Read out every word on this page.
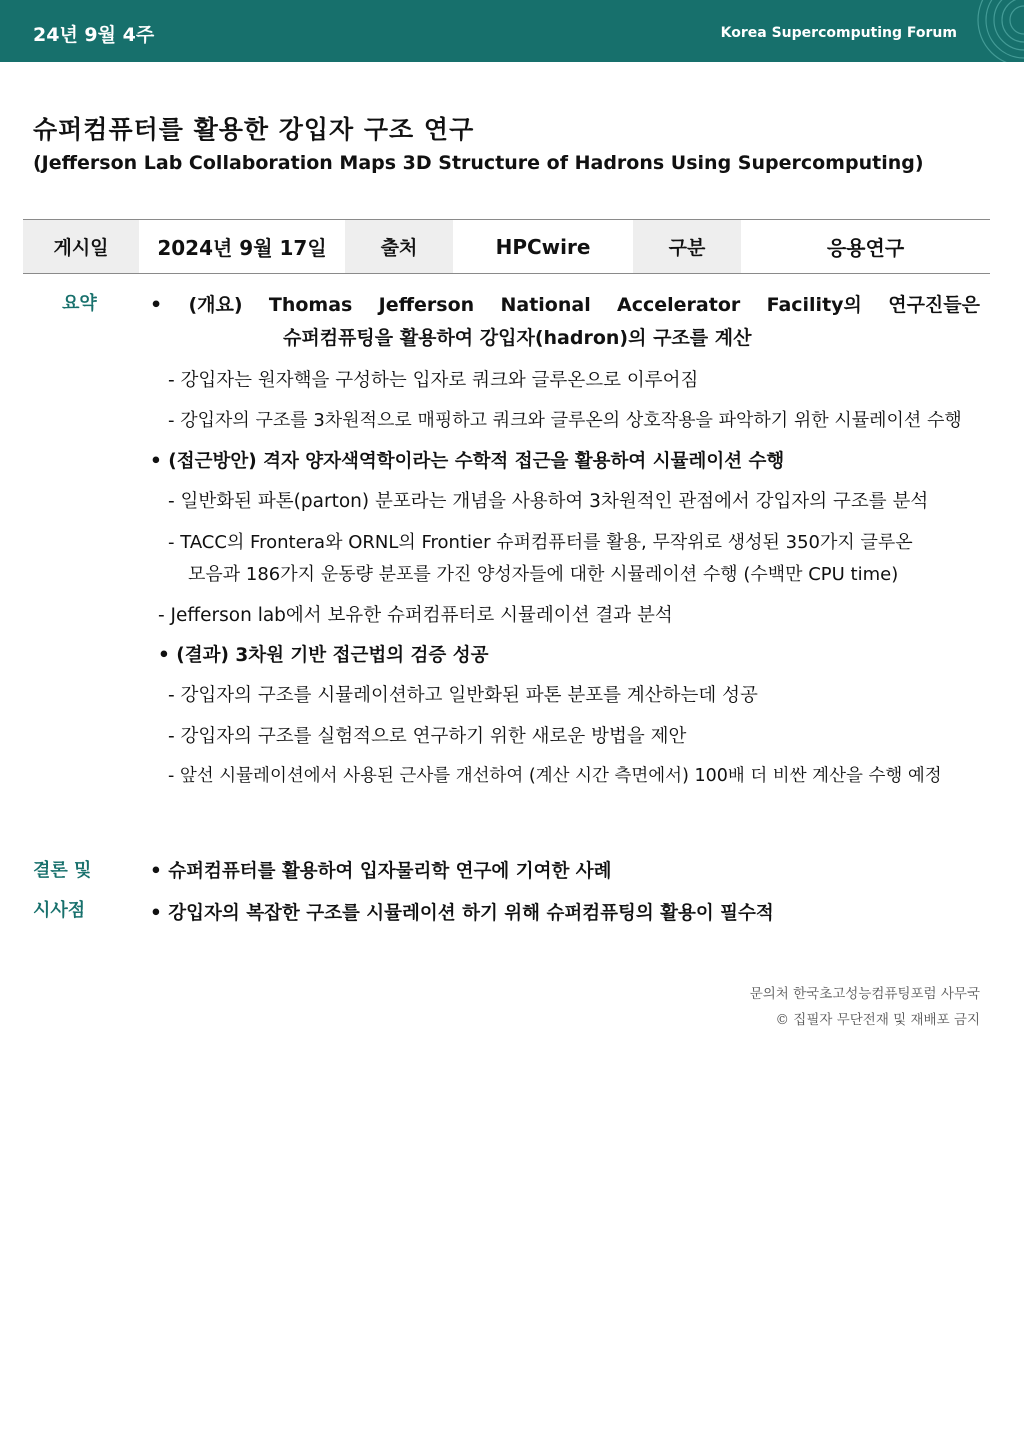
24년 9월 4주	Korea Supercomputing Forum
슈퍼컴퓨터를 활용한 강입자 구조 연구
(Jefferson Lab Collaboration Maps 3D Structure of Hadrons Using Supercomputing)
게시일	2024년 9월 17일	출처	HPCwire	구분	응용연구
요약	• (개요) Thomas Jefferson National Accelerator Facility의 연구진들은
슈퍼컴퓨팅을 활용하여 강입자(hadron)의 구조를 계산
- 강입자는 원자핵을 구성하는 입자로 쿼크와 글루온으로 이루어짐
- 강입자의 구조를 3차원적으로 매핑하고 쿼크와 글루온의 상호작용을 파악하기 위한 시뮬레이션 수행
• (접근방안) 격자 양자색역학이라는 수학적 접근을 활용하여 시뮬레이션 수행
- 일반화된 파톤(parton) 분포라는 개념을 사용하여 3차원적인 관점에서 강입자의 구조를 분석
- TACC의 Frontera와 ORNL의 Frontier 슈퍼컴퓨터를 활용, 무작위로 생성된 350가지 글루온
모음과 186가지 운동량 분포를 가진 양성자들에 대한 시뮬레이션 수행 (수백만 CPU time)
- Jefferson lab에서 보유한 슈퍼컴퓨터로 시뮬레이션 결과 분석
• (결과) 3차원 기반 접근법의 검증 성공
- 강입자의 구조를 시뮬레이션하고 일반화된 파톤 분포를 계산하는데 성공
- 강입자의 구조를 실험적으로 연구하기 위한 새로운 방법을 제안
- 앞선 시뮬레이션에서 사용된 근사를 개선하여 (계산 시간 측면에서) 100배 더 비싼 계산을 수행 예정
결론 및
시사점
• 슈퍼컴퓨터를 활용하여 입자물리학 연구에 기여한 사례
• 강입자의 복잡한 구조를 시뮬레이션 하기 위해 슈퍼컴퓨팅의 활용이 필수적
문의처 한국초고성능컴퓨팅포럼 사무국
© 집필자 무단전재 및 재배포 금지
